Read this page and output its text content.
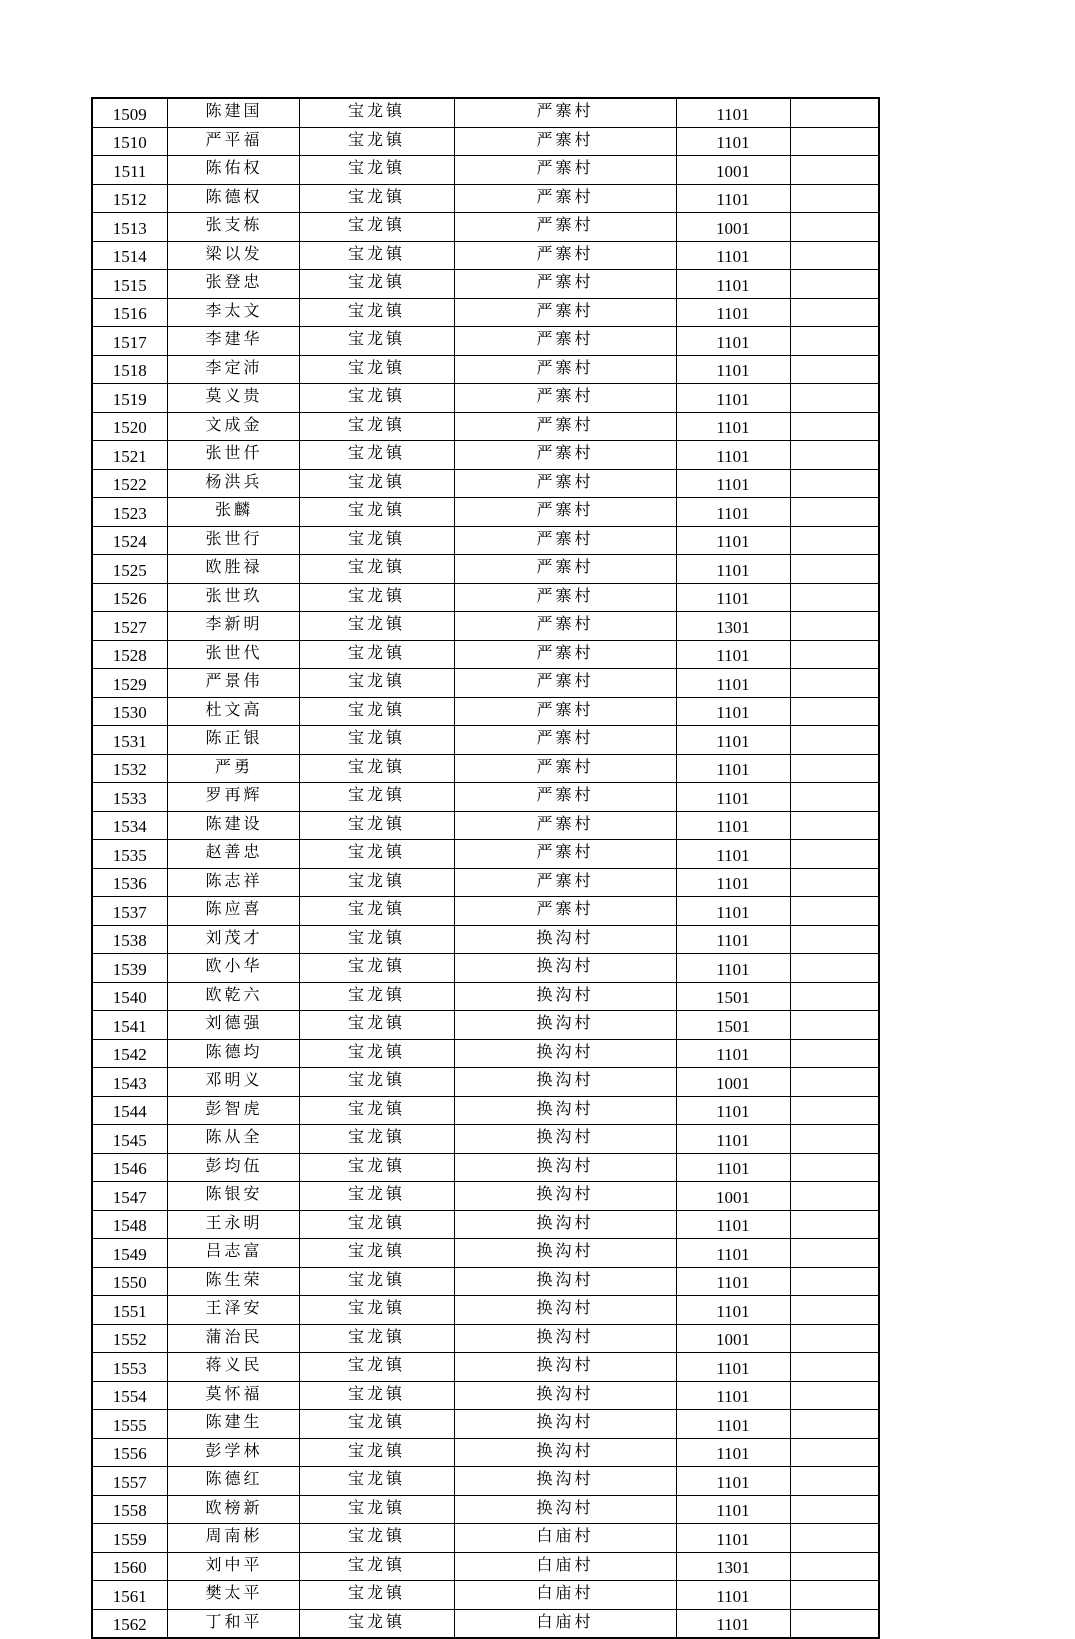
1509	陈建国	宝龙镇	严寨村	1101	
1510	严平福	宝龙镇	严寨村	1101	
1511	陈佑权	宝龙镇	严寨村	1001	
1512	陈德权	宝龙镇	严寨村	1101	
1513	张支栋	宝龙镇	严寨村	1001	
1514	梁以发	宝龙镇	严寨村	1101	
1515	张登忠	宝龙镇	严寨村	1101	
1516	李太文	宝龙镇	严寨村	1101	
1517	李建华	宝龙镇	严寨村	1101	
1518	李定沛	宝龙镇	严寨村	1101	
1519	莫义贵	宝龙镇	严寨村	1101	
1520	文成金	宝龙镇	严寨村	1101	
1521	张世仟	宝龙镇	严寨村	1101	
1522	杨洪兵	宝龙镇	严寨村	1101	
1523	张麟	宝龙镇	严寨村	1101	
1524	张世行	宝龙镇	严寨村	1101	
1525	欧胜禄	宝龙镇	严寨村	1101	
1526	张世玖	宝龙镇	严寨村	1101	
1527	李新明	宝龙镇	严寨村	1301	
1528	张世代	宝龙镇	严寨村	1101	
1529	严景伟	宝龙镇	严寨村	1101	
1530	杜文高	宝龙镇	严寨村	1101	
1531	陈正银	宝龙镇	严寨村	1101	
1532	严勇	宝龙镇	严寨村	1101	
1533	罗再辉	宝龙镇	严寨村	1101	
1534	陈建设	宝龙镇	严寨村	1101	
1535	赵善忠	宝龙镇	严寨村	1101	
1536	陈志祥	宝龙镇	严寨村	1101	
1537	陈应喜	宝龙镇	严寨村	1101	
1538	刘茂才	宝龙镇	换沟村	1101	
1539	欧小华	宝龙镇	换沟村	1101	
1540	欧乾六	宝龙镇	换沟村	1501	
1541	刘德强	宝龙镇	换沟村	1501	
1542	陈德均	宝龙镇	换沟村	1101	
1543	邓明义	宝龙镇	换沟村	1001	
1544	彭智虎	宝龙镇	换沟村	1101	
1545	陈从全	宝龙镇	换沟村	1101	
1546	彭均伍	宝龙镇	换沟村	1101	
1547	陈银安	宝龙镇	换沟村	1001	
1548	王永明	宝龙镇	换沟村	1101	
1549	吕志富	宝龙镇	换沟村	1101	
1550	陈生荣	宝龙镇	换沟村	1101	
1551	王泽安	宝龙镇	换沟村	1101	
1552	蒲治民	宝龙镇	换沟村	1001	
1553	蒋义民	宝龙镇	换沟村	1101	
1554	莫怀福	宝龙镇	换沟村	1101	
1555	陈建生	宝龙镇	换沟村	1101	
1556	彭学林	宝龙镇	换沟村	1101	
1557	陈德红	宝龙镇	换沟村	1101	
1558	欧榜新	宝龙镇	换沟村	1101	
1559	周南彬	宝龙镇	白庙村	1101	
1560	刘中平	宝龙镇	白庙村	1301	
1561	樊太平	宝龙镇	白庙村	1101	
1562	丁和平	宝龙镇	白庙村	1101	
